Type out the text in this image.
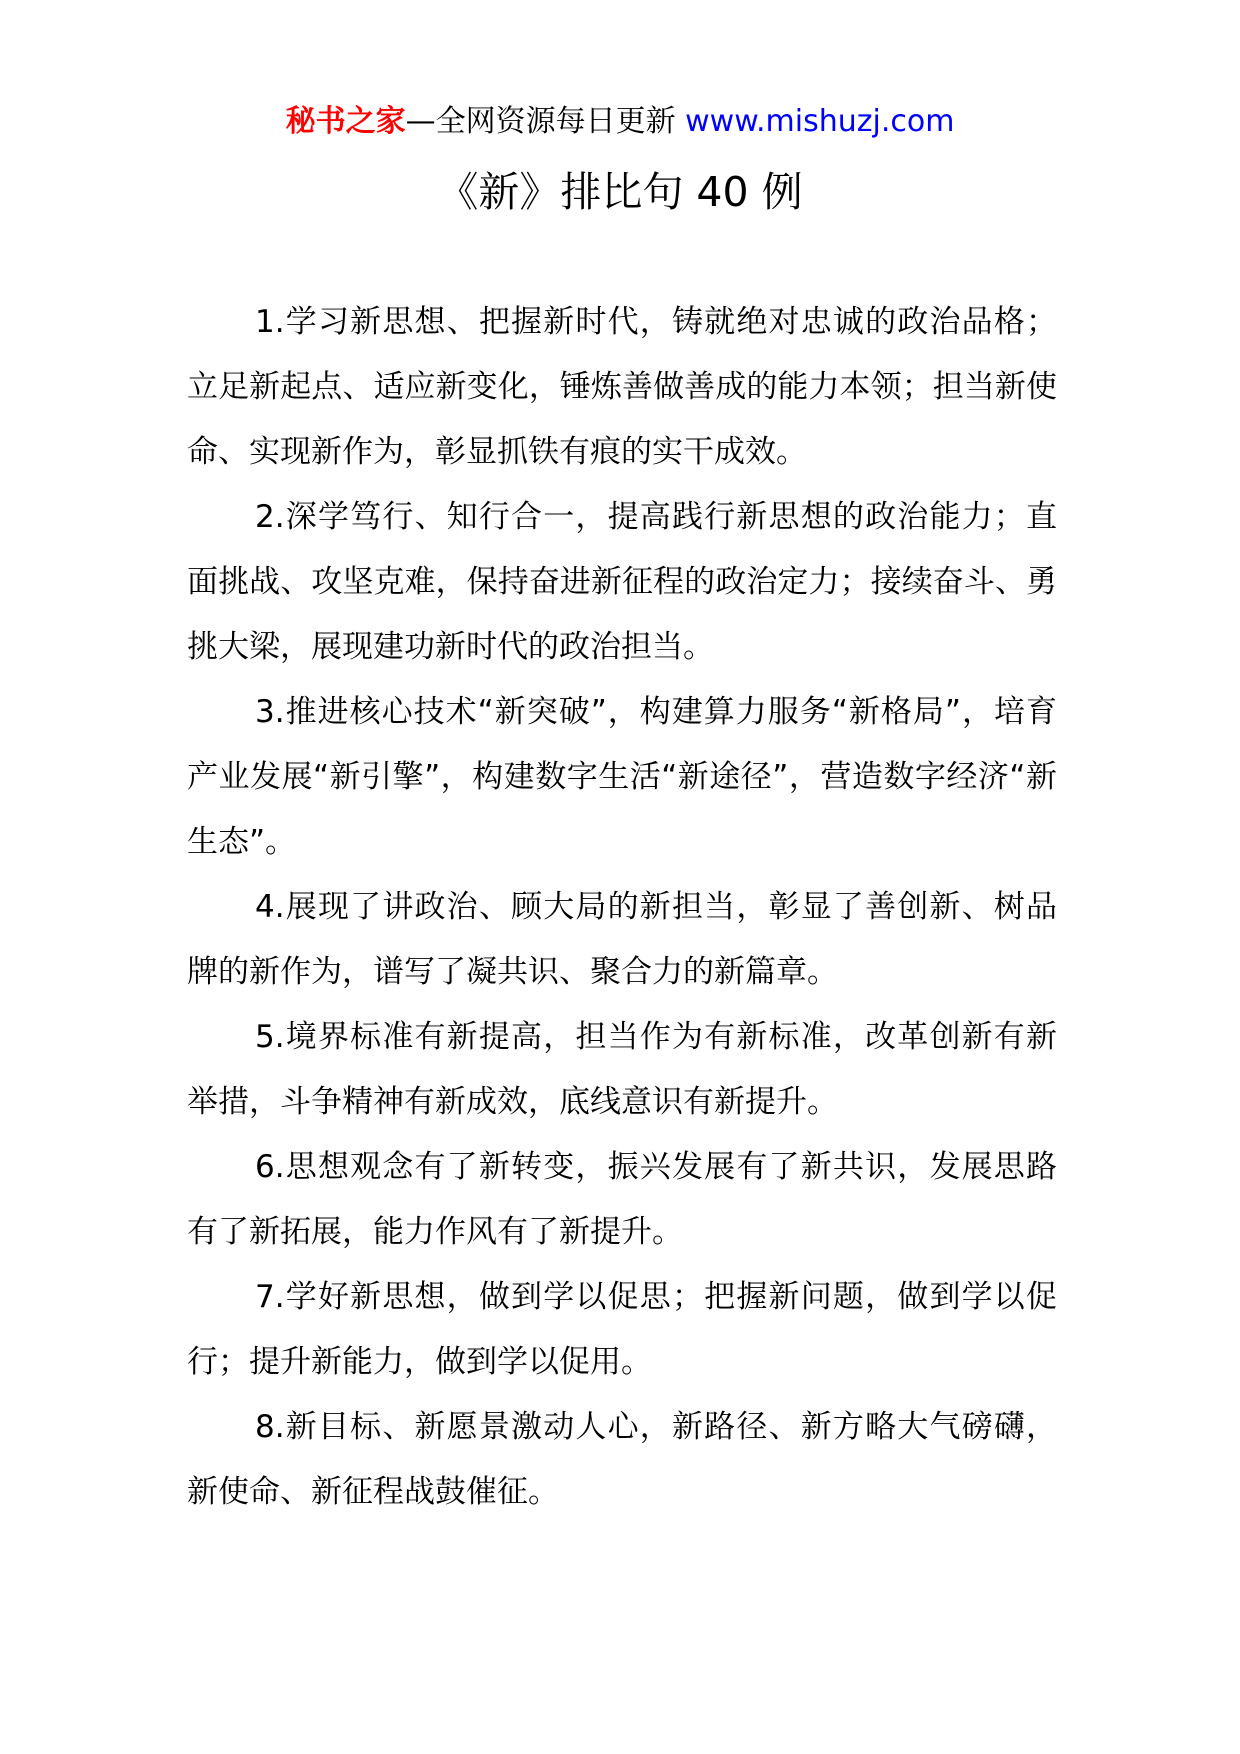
秘书之家—全网资源每日更新 www.mishuzj.com
《新》排比句 40 例

1.学习新思想、把握新时代，铸就绝对忠诚的政治品格；立足新起点、适应新变化，锤炼善做善成的能力本领；担当新使命、实现新作为，彰显抓铁有痕的实干成效。

2.深学笃行、知行合一，提高践行新思想的政治能力；直面挑战、攻坚克难，保持奋进新征程的政治定力；接续奋斗、勇挑大梁，展现建功新时代的政治担当。

3.推进核心技术“新突破”，构建算力服务“新格局”，培育产业发展“新引擎”，构建数字生活“新途径”，营造数字经济“新生态”。

4.展现了讲政治、顾大局的新担当，彰显了善创新、树品牌的新作为，谱写了凝共识、聚合力的新篇章。

5.境界标准有新提高，担当作为有新标准，改革创新有新举措，斗争精神有新成效，底线意识有新提升。

6.思想观念有了新转变，振兴发展有了新共识，发展思路有了新拓展，能力作风有了新提升。

7.学好新思想，做到学以促思；把握新问题，做到学以促行；提升新能力，做到学以促用。

8.新目标、新愿景激动人心，新路径、新方略大气磅礴，新使命、新征程战鼓催征。
